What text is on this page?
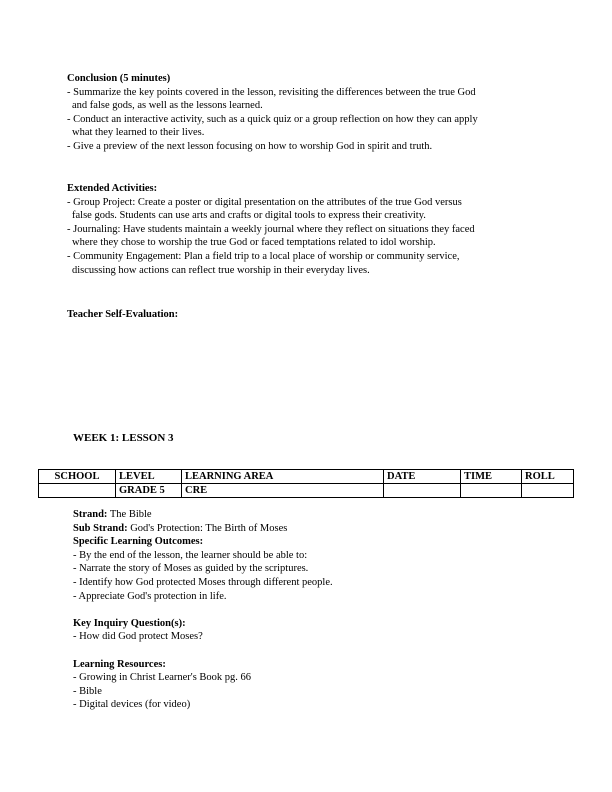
Conclusion (5 minutes)
- Summarize the key points covered in the lesson, revisiting the differences between the true God
and false gods, as well as the lessons learned.
- Conduct an interactive activity, such as a quick quiz or a group reflection on how they can apply
what they learned to their lives.
- Give a preview of the next lesson focusing on how to worship God in spirit and truth.
Extended Activities:
- Group Project: Create a poster or digital presentation on the attributes of the true God versus
false gods. Students can use arts and crafts or digital tools to express their creativity.
- Journaling: Have students maintain a weekly journal where they reflect on situations they faced
where they chose to worship the true God or faced temptations related to idol worship.
- Community Engagement: Plan a field trip to a local place of worship or community service,
discussing how actions can reflect true worship in their everyday lives.
Teacher Self-Evaluation:
WEEK 1: LESSON 3
SCHOOL	LEVEL	LEARNING AREA	DATE	TIME	ROLL
	GRADE 5	CRE			
Strand: The Bible
Sub Strand: God's Protection: The Birth of Moses
Specific Learning Outcomes:
- By the end of the lesson, the learner should be able to:
- Narrate the story of Moses as guided by the scriptures.
- Identify how God protected Moses through different people.
- Appreciate God's protection in life.
Key Inquiry Question(s):
- How did God protect Moses?
Learning Resources:
- Growing in Christ Learner's Book pg. 66
- Bible
- Digital devices (for video)
